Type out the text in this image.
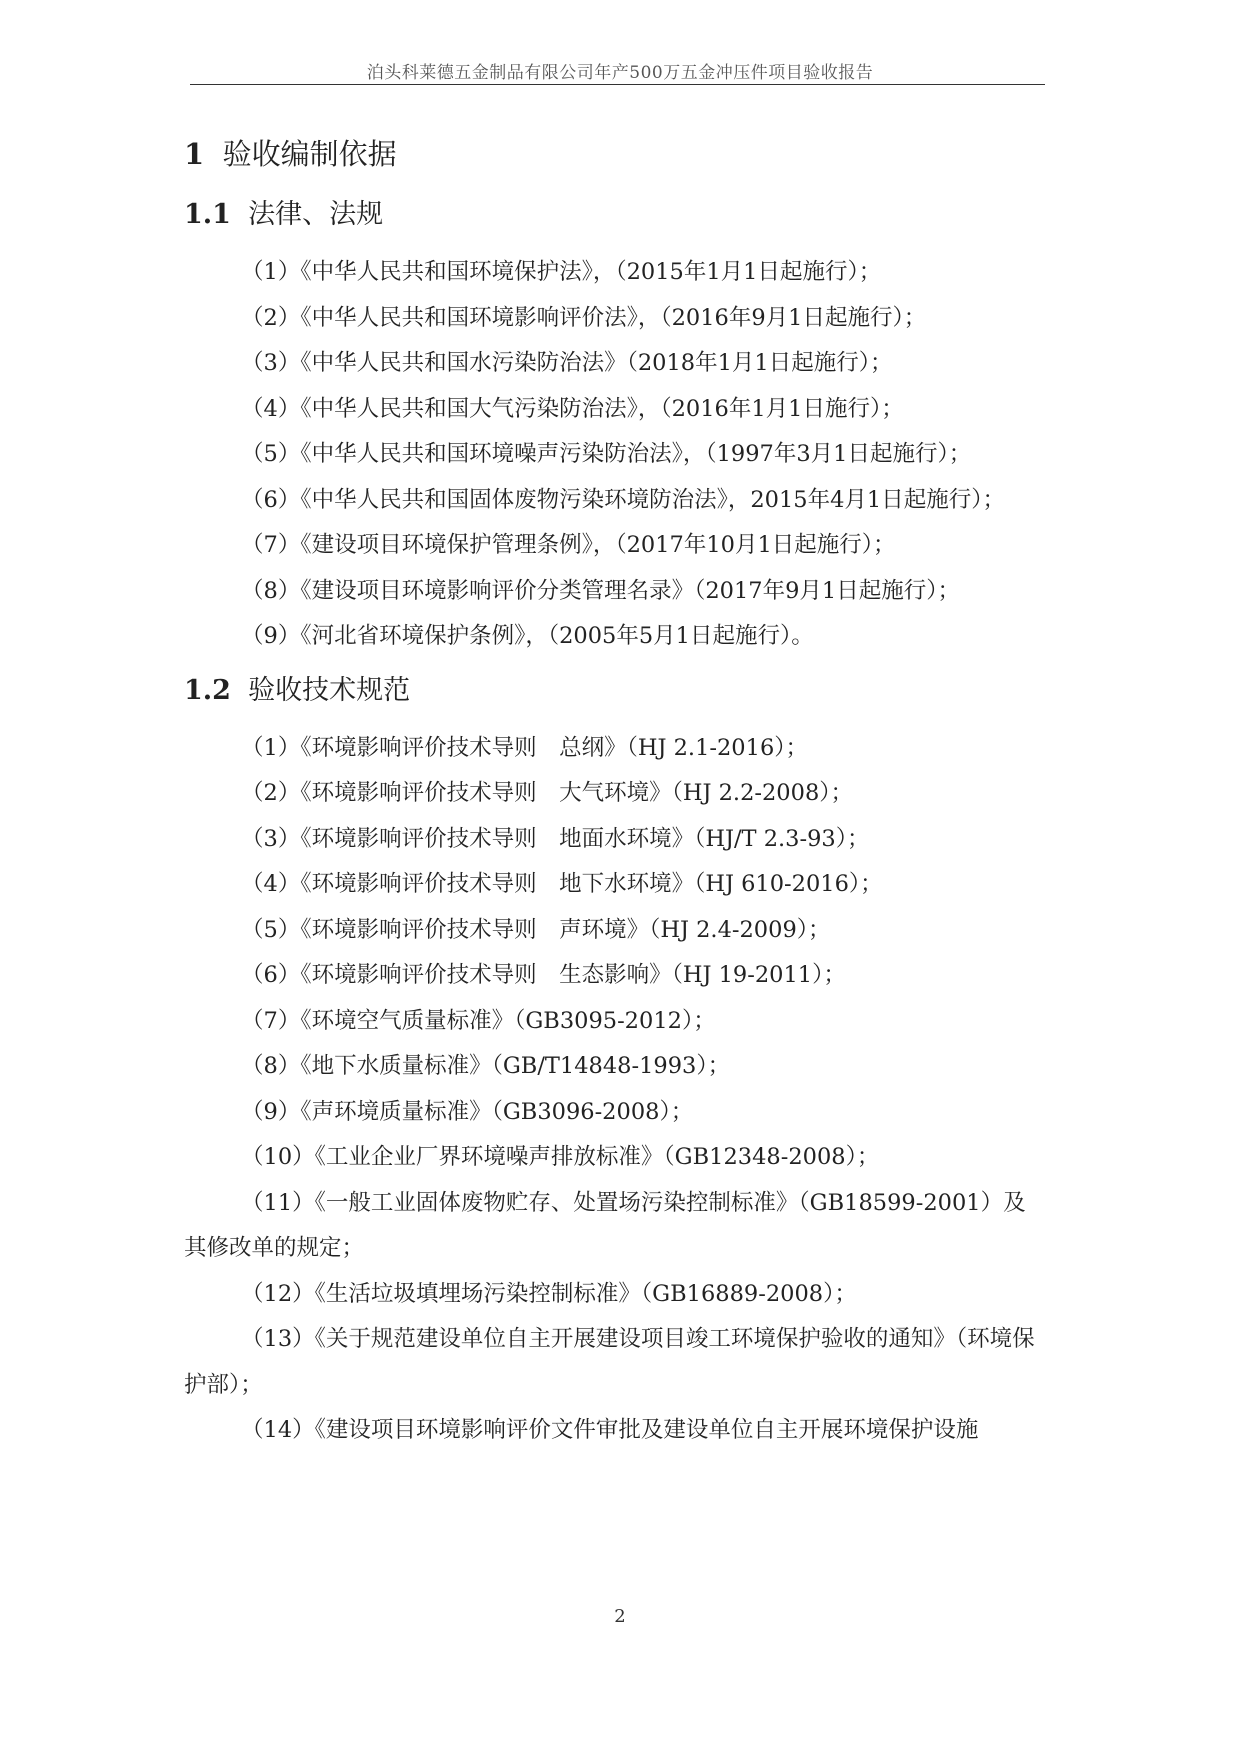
泊头科莱德五金制品有限公司年产500万五金冲压件项目验收报告
1 验收编制依据
1.1 法律、法规

（1）《中华人民共和国环境保护法》，（2015年1月1日起施行）；

（2）《中华人民共和国环境影响评价法》，（2016年9月1日起施行）；

（3）《中华人民共和国水污染防治法》（2018年1月1日起施行）；

（4）《中华人民共和国大气污染防治法》，（2016年1月1日施行）；

（5）《中华人民共和国环境噪声污染防治法》，（1997年3月1日起施行）；

（6）《中华人民共和国固体废物污染环境防治法》，2015年4月1日起施行）；

（7）《建设项目环境保护管理条例》，（2017年10月1日起施行）；

（8）《建设项目环境影响评价分类管理名录》（2017年9月1日起施行）；

（9）《河北省环境保护条例》，（2005年5月1日起施行）。

1.2 验收技术规范

（1）《环境影响评价技术导则　总纲》（HJ 2.1-2016）；

（2）《环境影响评价技术导则　大气环境》（HJ 2.2-2008）；

（3）《环境影响评价技术导则　地面水环境》（HJ/T 2.3-93）；

（4）《环境影响评价技术导则　地下水环境》（HJ 610-2016）；

（5）《环境影响评价技术导则　声环境》（HJ 2.4-2009）；

（6）《环境影响评价技术导则　生态影响》（HJ 19-2011）；

（7）《环境空气质量标准》（GB3095-2012）；

（8）《地下水质量标准》（GB/T14848-1993）；

（9）《声环境质量标准》（GB3096-2008）；

（10）《工业企业厂界环境噪声排放标准》（GB12348-2008）；

（11）《一般工业固体废物贮存、处置场污染控制标准》（GB18599-2001）及其修改单的规定；

（12）《生活垃圾填埋场污染控制标准》（GB16889-2008）；

（13）《关于规范建设单位自主开展建设项目竣工环境保护验收的通知》（环境保护部）；

（14）《建设项目环境影响评价文件审批及建设单位自主开展环境保护设施

2
